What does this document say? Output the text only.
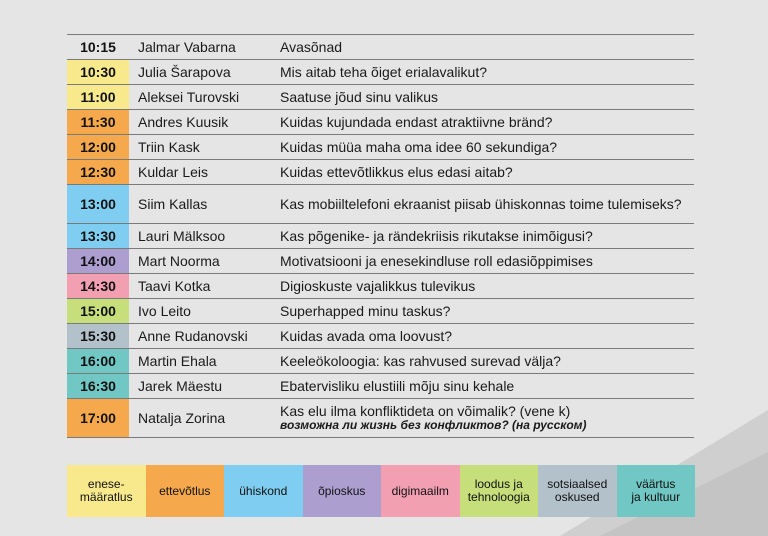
10:15	Jalmar Vabarna	Avasõnad
10:30	Julia Šarapova	Mis aitab teha õiget erialavalikut?
11:00	Aleksei Turovski	Saatuse jõud sinu valikus
11:30	Andres Kuusik	Kuidas kujundada endast atraktiivne bränd?
12:00	Triin Kask	Kuidas müüa maha oma idee 60 sekundiga?
12:30	Kuldar Leis	Kuidas ettevõtlikkus elus edasi aitab?
13:00	Siim Kallas	Kas mobiiltelefoni ekraanist piisab ühiskonnas toime tulemiseks?
13:30	Lauri Mälksoo	Kas põgenike- ja rändekriisis rikutakse inimõigusi?
14:00	Mart Noorma	Motivatsiooni ja enesekindluse roll edasiõppimises
14:30	Taavi Kotka	Digioskuste vajalikkus tulevikus
15:00	Ivo Leito	Superhapped minu taskus?
15:30	Anne Rudanovski	Kuidas avada oma loovust?
16:00	Martin Ehala	Keeleökoloogia: kas rahvused surevad välja?
16:30	Jarek Mäestu	Ebatervisliku elustiili mõju sinu kehale
17:00	Natalja Zorina	Kas elu ilma konfliktideta on võimalik? (vene k)
возможна ли жизнь без конфликтов? (на русском)
enese-
määratlus ettevõtlus ühiskond	õpioskus digimaailm	loodus ja
tehnoloogia
sotsiaalsed
oskused
väärtus
ja kultuur
